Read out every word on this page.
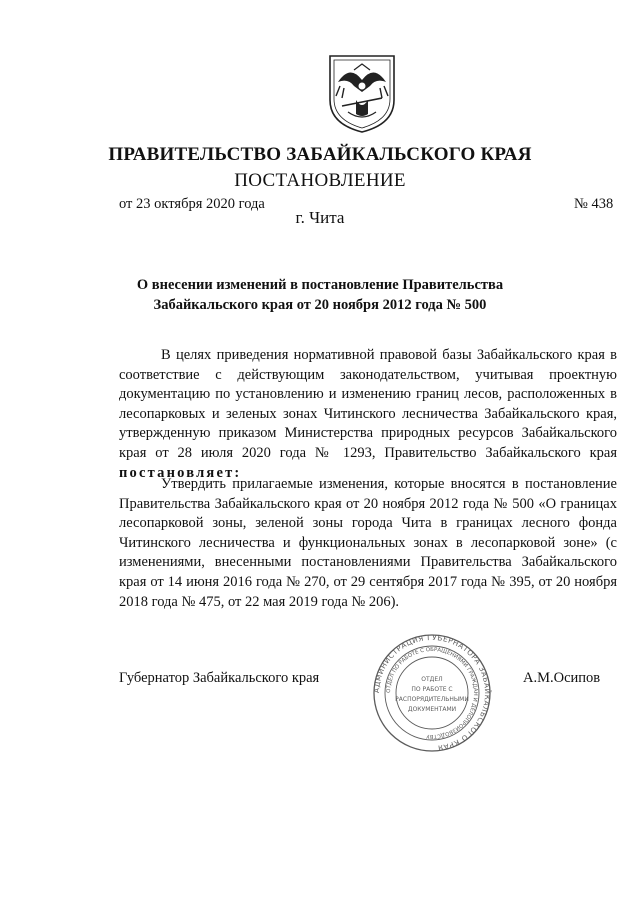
ПРАВИТЕЛЬСТВО ЗАБАЙКАЛЬСКОГО КРАЯ
ПОСТАНОВЛЕНИЕ
от 23 октября 2020 года	№ 438
г. Чита
О внесении изменений в постановление Правительства
Забайкальского края от 20 ноября 2012 года № 500
В целях приведения нормативной правовой базы Забайкальского края в соответствие с действующим законодательством, учитывая проектную документацию по установлению и изменению границ лесов, расположенных в лесопарковых и зеленых зонах Читинского лесничества Забайкальского края, утвержденную приказом Министерства природных ресурсов Забайкальского края от 28 июля 2020 года № 1293, Правительство Забайкальского края постановляет:
Утвердить прилагаемые изменения, которые вносятся в постановление Правительства Забайкальского края от 20 ноября 2012 года № 500 «О границах лесопарковой зоны, зеленой зоны города Чита в границах лесного фонда Читинского лесничества и функциональных зонах в лесопарковой зоне» (с изменениями, внесенными постановлениями Правительства Забайкальского края от 14 июня 2016 года № 270, от 29 сентября 2017 года № 395, от 20 ноября 2018 года № 475, от 22 мая 2019 года № 206).
Губернатор Забайкальского края	А.М.Осипов
АДМИНИСТРАЦИЯ ГУБЕРНАТОРА ЗАБАЙКАЛЬСКОГО КРАЯ
ОТДЕЛ ПО РАБОТЕ С ОБРАЩЕНИЯМИ ГРАЖДАН И ДЕЛОПРОИЗВОДСТВУ
ОТДЕЛ
ПО РАБОТЕ С
РАСПОРЯДИТЕЛЬНЫМИ
ДОКУМЕНТАМИ
